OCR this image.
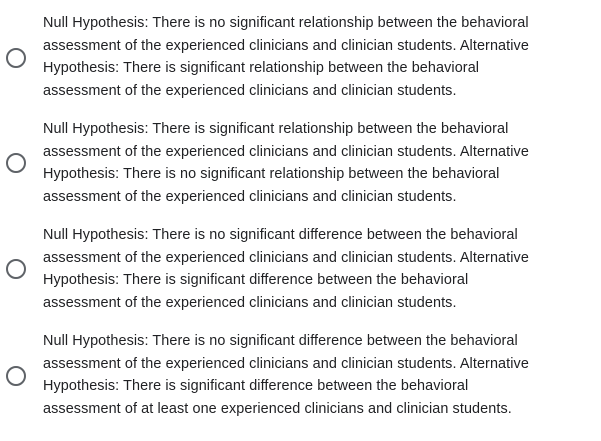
Null Hypothesis: There is no significant relationship between the behavioral
assessment of the experienced clinicians and clinician students. Alternative
Hypothesis: There is significant relationship between the behavioral
assessment of the experienced clinicians and clinician students.
Null Hypothesis: There is significant relationship between the behavioral
assessment of the experienced clinicians and clinician students. Alternative
Hypothesis: There is no significant relationship between the behavioral
assessment of the experienced clinicians and clinician students.
Null Hypothesis: There is no significant difference between the behavioral
assessment of the experienced clinicians and clinician students. Alternative
Hypothesis: There is significant difference between the behavioral
assessment of the experienced clinicians and clinician students.
Null Hypothesis: There is no significant difference between the behavioral
assessment of the experienced clinicians and clinician students. Alternative
Hypothesis: There is significant difference between the behavioral
assessment of at least one experienced clinicians and clinician students.
